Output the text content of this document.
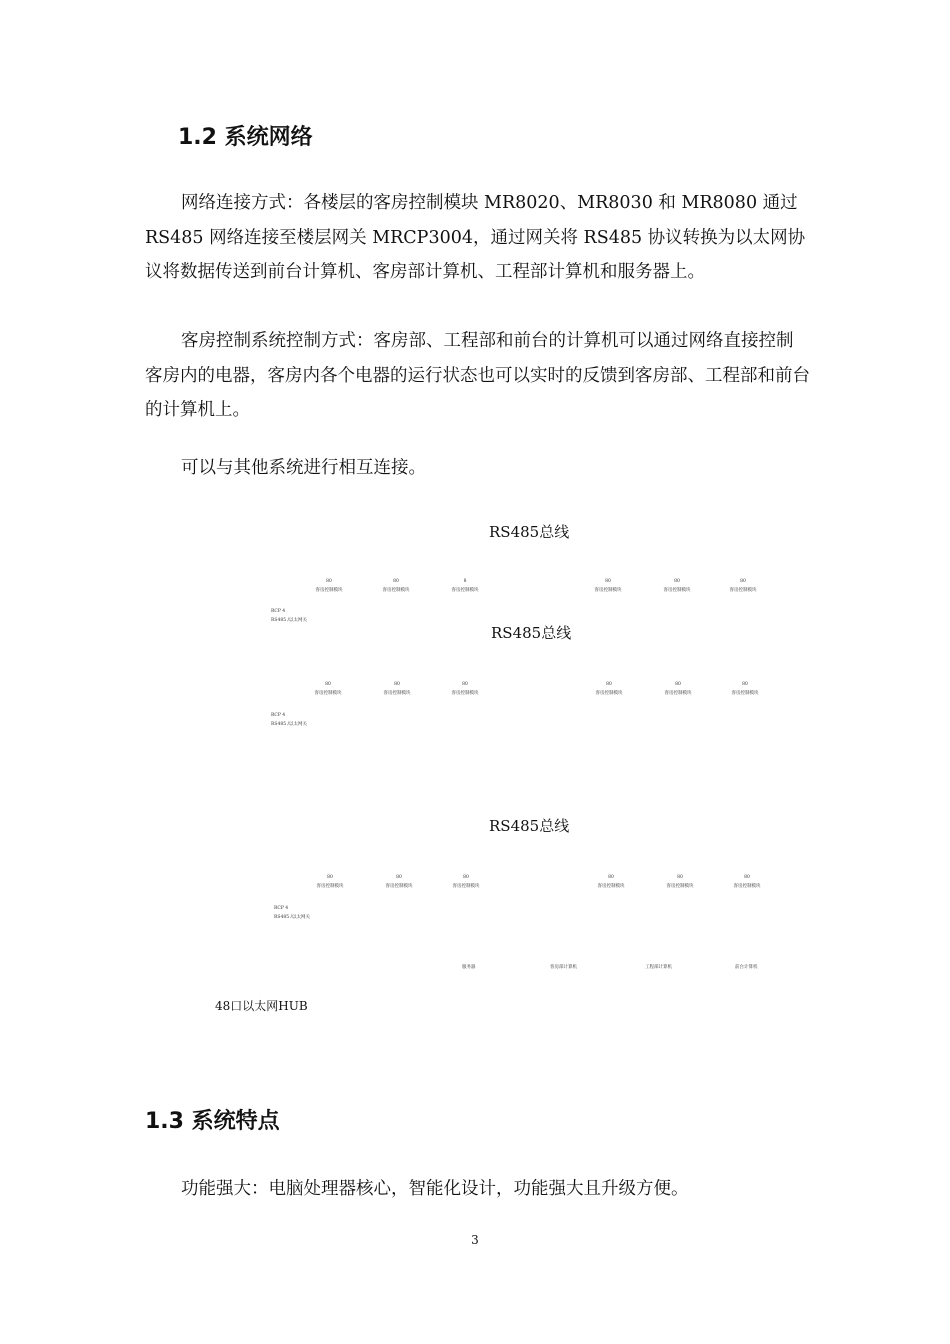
1.2 系统网络

网络连接方式：各楼层的客房控制模块 MR8020、MR8030 和 MR8080 通过 RS485 网络连接至楼层网关 MRCP3004，通过网关将 RS485 协议转换为以太网协议将数据传送到前台计算机、客房部计算机、工程部计算机和服务器上。

客房控制系统控制方式：客房部、工程部和前台的计算机可以通过网络直接控制客房内的电器，客房内各个电器的运行状态也可以实时的反馈到客房部、工程部和前台的计算机上。

可以与其他系统进行相互连接。

RS485总线
RS485总线
RS485总线
80
客房控制模块
80
客房控制模块
8
客房控制模块
80
客房控制模块
80
客房控制模块
80
客房控制模块
RCP 4
RS485 /以太网关
80
客房控制模块
80
客房控制模块
80
客房控制模块
80
客房控制模块
80
客房控制模块
80
客房控制模块
RCP 4
RS485 /以太网关
80
客房控制模块
80
客房控制模块
80
客房控制模块
80
客房控制模块
80
客房控制模块
80
客房控制模块
RCP 4
RS485 /以太网关
服务器	客房部计算机	工程部计算机	前台计算机
48口以太网HUB
1.3 系统特点

功能强大：电脑处理器核心，智能化设计，功能强大且升级方便。

3
